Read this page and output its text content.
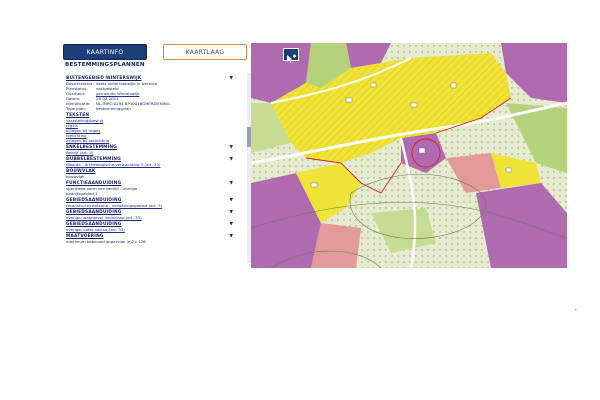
KAARTINFO	KAARTLAAG
BESTEMMINGSPLANNEN
BUITENGEBIED WINTERSWIJK	▼
Dossierstatus: deels onherroepelijk in werking
Planstatus: vastgesteld
Overheid:	gemeente Winterswijk
Datum:	28-02-2011
Identificatie: NL.IMRO.0294.BP1001BGHERZIENING-
Type plan:	bestemmingsplan
TEKSTEN
vaststellingsbesluit
regels
bijlagen bij regels
toelichting
bijlagen bij toelichting
ENKELBESTEMMING	▼
Bedrijf (art. 4)
DUBBELBESTEMMING	▼
Waarde - Archeologische verwachting 3 (art. 23)
BOUWVLAK
bouwvlak
FUNCTIEAANDUIDING	▼
specifieke vorm van bedrijf - overige
bedrijfsgebied 1
GEBIEDSAANDUIDING	▼
reconstructiewetzone - verwevingsgebied (art. 3)
GEBIEDSAANDUIDING	▼
overige: waardevol landschap (art. 33)
GEBIEDSAANDUIDING	▼
overige: natte natuur (art. 33)
MAATVOERING	▼
maximum bebouwd oppervlak (m2): 126
•
